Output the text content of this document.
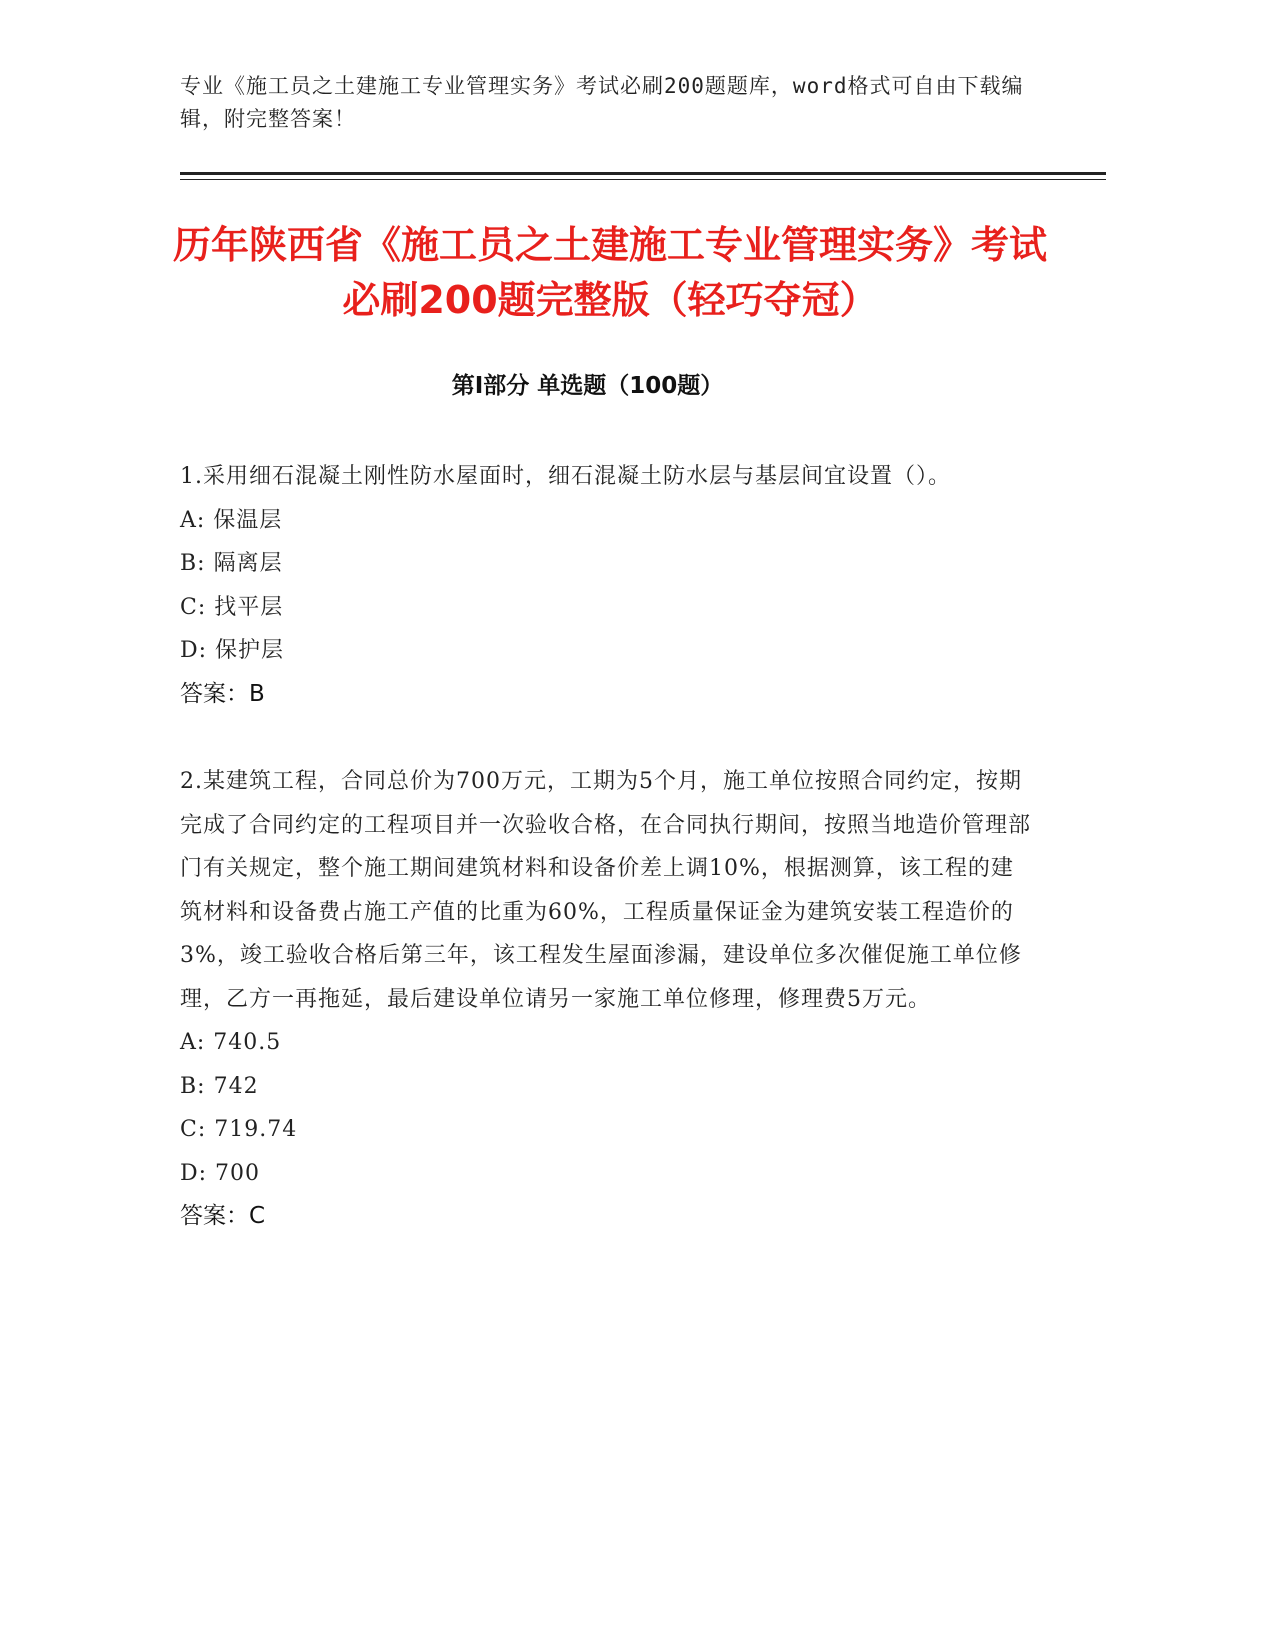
专业《施工员之土建施工专业管理实务》考试必刷200题题库，word格式可自由下载编辑，附完整答案！
历年陕西省《施工员之土建施工专业管理实务》考试必刷200题完整版（轻巧夺冠）
第Ⅰ部分 单选题（100题）
1.采用细石混凝土刚性防水屋面时，细石混凝土防水层与基层间宜设置（）。
A: 保温层
B: 隔离层
C: 找平层
D: 保护层
答案：B
2.某建筑工程，合同总价为700万元，工期为5个月，施工单位按照合同约定，按期完成了合同约定的工程项目并一次验收合格，在合同执行期间，按照当地造价管理部门有关规定，整个施工期间建筑材料和设备价差上调10%，根据测算，该工程的建筑材料和设备费占施工产值的比重为60%，工程质量保证金为建筑安装工程造价的3%，竣工验收合格后第三年，该工程发生屋面渗漏，建设单位多次催促施工单位修理，乙方一再拖延，最后建设单位请另一家施工单位修理，修理费5万元。
A: 740.5
B: 742
C: 719.74
D: 700
答案：C
